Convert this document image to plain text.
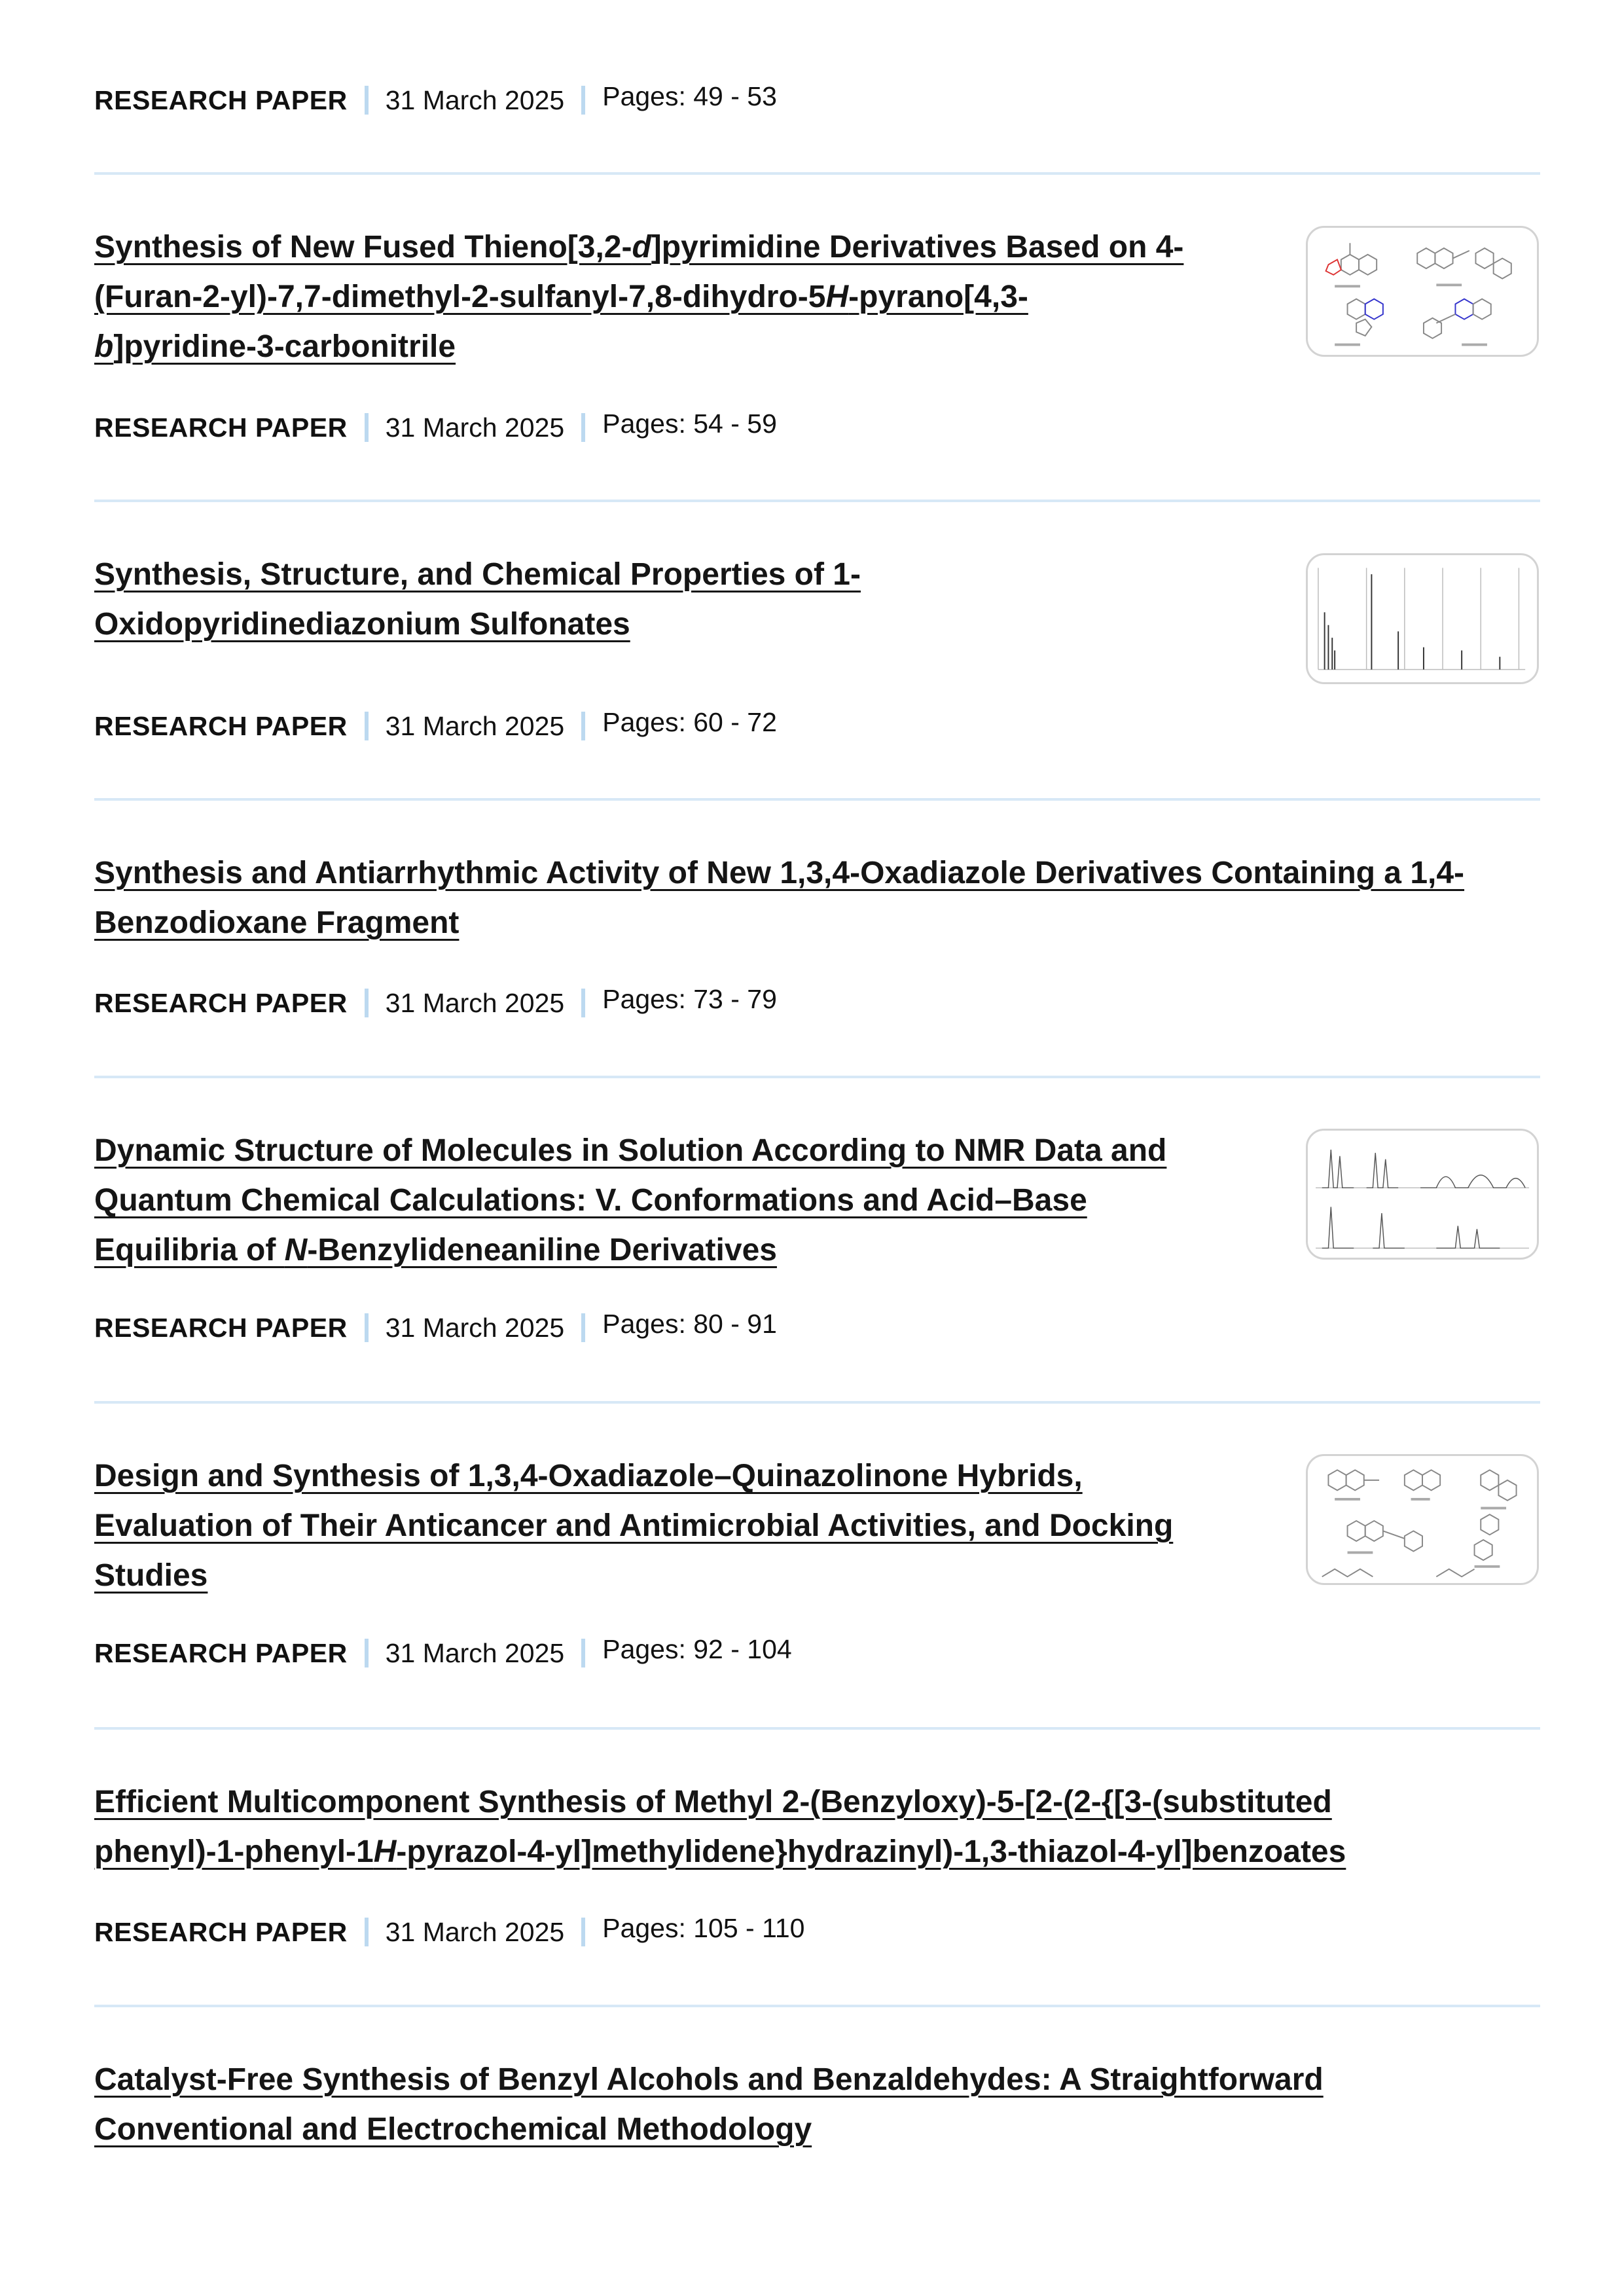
RESEARCH PAPER 31 March 2025 Pages: 49 - 53
Synthesis of New Fused Thieno[3,2-d]pyrimidine Derivatives Based on 4-
(Furan-2-yl)-7,7-dimethyl-2-sulfanyl-7,8-dihydro-5H-pyrano[4,3-
b]pyridine-3-carbonitrile
RESEARCH PAPER 31 March 2025 Pages: 54 - 59
Synthesis, Structure, and Chemical Properties of 1-
Oxidopyridinediazonium Sulfonates
RESEARCH PAPER 31 March 2025 Pages: 60 - 72
Synthesis and Antiarrhythmic Activity of New 1,3,4-Oxadiazole Derivatives Containing a 1,4-
Benzodioxane Fragment
RESEARCH PAPER 31 March 2025 Pages: 73 - 79
Dynamic Structure of Molecules in Solution According to NMR Data and
Quantum Chemical Calculations: V. Conformations and Acid–Base
Equilibria of N-Benzylideneaniline Derivatives
RESEARCH PAPER 31 March 2025 Pages: 80 - 91
Design and Synthesis of 1,3,4-Oxadiazole–Quinazolinone Hybrids,
Evaluation of Their Anticancer and Antimicrobial Activities, and Docking
Studies
RESEARCH PAPER 31 March 2025 Pages: 92 - 104
Efficient Multicomponent Synthesis of Methyl 2-(Benzyloxy)-5-[2-(2-{[3-(substituted
phenyl)-1-phenyl-1H-pyrazol-4-yl]methylidene}hydrazinyl)-1,3-thiazol-4-yl]benzoates
RESEARCH PAPER 31 March 2025 Pages: 105 - 110
Catalyst-Free Synthesis of Benzyl Alcohols and Benzaldehydes: A Straightforward
Conventional and Electrochemical Methodology
